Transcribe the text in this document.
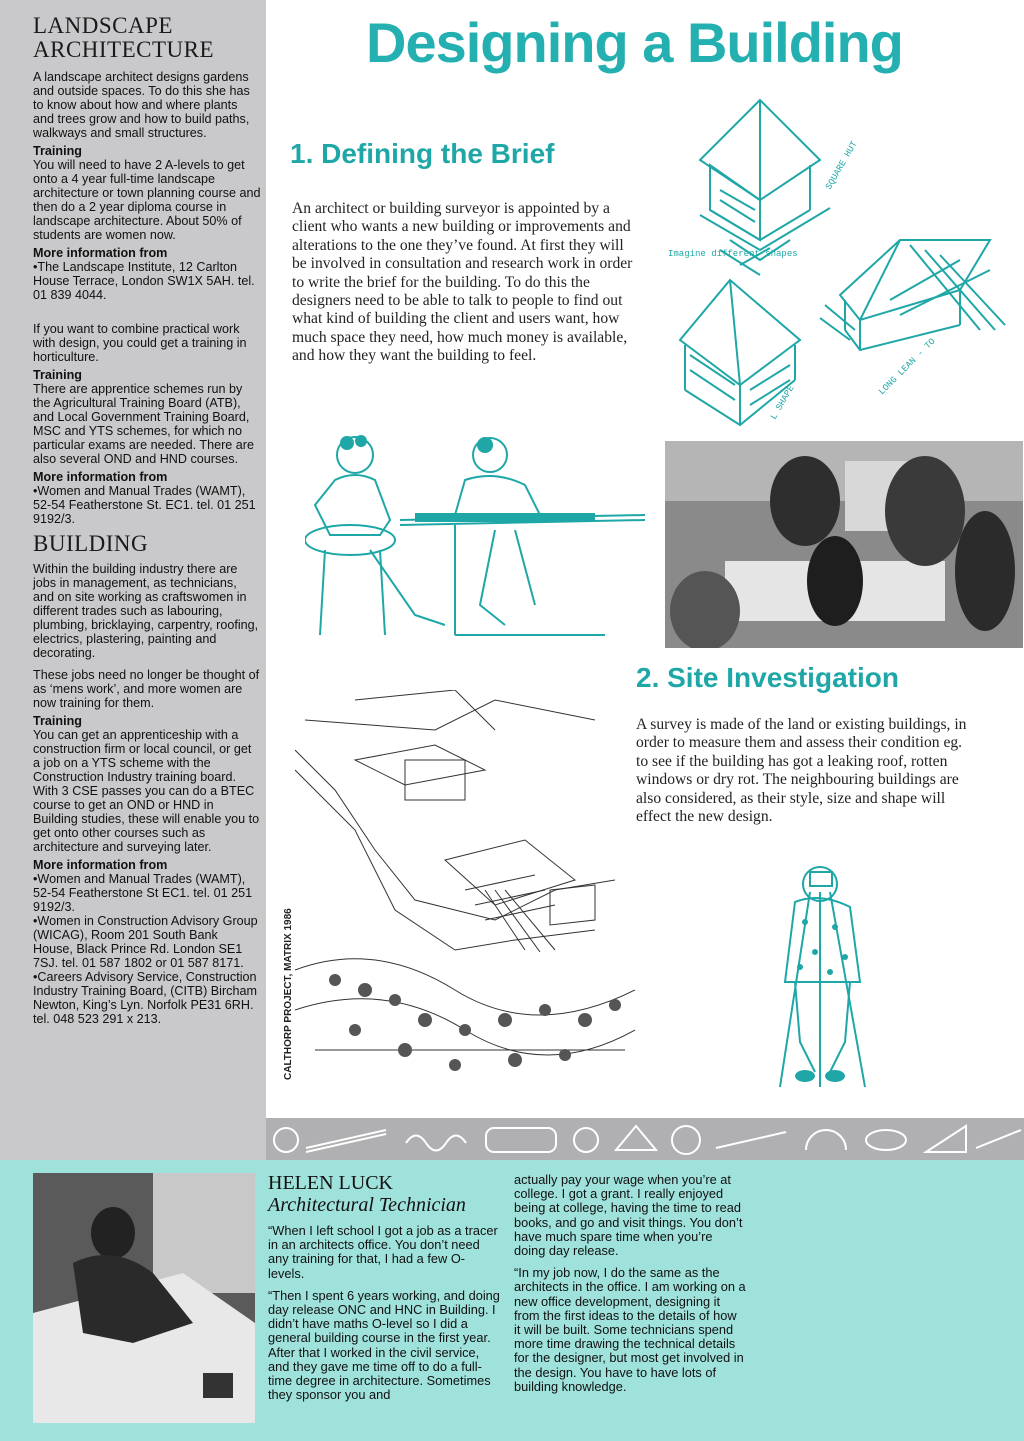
LANDSCAPE
ARCHITECTURE

A landscape architect designs gardens and outside spaces. To do this she has to know about how and where plants and trees grow and how to build paths, walkways and small structures.

Training

You will need to have 2 A-levels to get onto a 4 year full-time landscape architecture or town planning course and then do a 2 year diploma course in landscape architecture. About 50% of students are women now.

More information from

• The Landscape Institute, 12 Carlton House Terrace, London SW1X 5AH. tel. 01 839 4044.

If you want to combine practical work with design, you could get a training in horticulture.

Training

There are apprentice schemes run by the Agricultural Training Board (ATB), and Local Government Training Board, MSC and YTS schemes, for which no particular exams are needed. There are also several OND and HND courses.

More information from

• Women and Manual Trades (WAMT), 52-54 Featherstone St. EC1. tel. 01 251 9192/3.

BUILDING

Within the building industry there are jobs in management, as technicians, and on site working as craftswomen in different trades such as labouring, plumbing, bricklaying, carpentry, roofing, electrics, plastering, painting and decorating.

These jobs need no longer be thought of as ‘mens work’, and more women are now training for them.

Training

You can get an apprenticeship with a construction firm or local council, or get a job on a YTS scheme with the Construction Industry training board. With 3 CSE passes you can do a BTEC course to get an OND or HND in Building studies, these will enable you to get onto other courses such as architecture and surveying later.

More information from

• Women and Manual Trades (WAMT), 52-54 Featherstone St EC1. tel. 01 251 9192/3.

• Women in Construction Advisory Group (WICAG), Room 201 South Bank House, Black Prince Rd. London SE1 7SJ. tel. 01 587 1802 or 01 587 8171.

• Careers Advisory Service, Construction Industry Training Board, (CITB) Bircham Newton, King’s Lyn. Norfolk PE31 6RH. tel. 048 523 291 x 213.

Designing a Building
1. Defining the Brief

An architect or building surveyor is appointed by a client who wants a new building or improvements and alterations to the one they’ve found. At first they will be involved in consultation and research work in order to write the brief for the building. To do this the designers need to be able to talk to people to find out what kind of building the client and users want, how much space they need, how much money is available, and how they want the building to feel.

Imagine different shapes
SQUARE HUT
L SHAPE
LONG LEAN - TO
2. Site Investigation

A survey is made of the land or existing buildings, in order to measure them and assess their condition eg. to see if the building has got a leaking roof, rotten windows or dry rot. The neighbouring buildings are also considered, as their style, size and shape will effect the new design.

CALTHORP PROJECT, MATRIX 1986
HELEN LUCK
Architectural Technician

“When I left school I got a job as a tracer in an architects office. You don’t need any training for that, I had a few O-levels.

“Then I spent 6 years working, and doing day release ONC and HNC in Building. I didn’t have maths O-level so I did a general building course in the first year. After that I worked in the civil service, and they gave me time off to do a full-time degree in architecture. Sometimes they sponsor you and

actually pay your wage when you’re at college. I got a grant. I really enjoyed being at college, having the time to read books, and go and visit things. You don’t have much spare time when you’re doing day release.

“In my job now, I do the same as the architects in the office. I am working on a new office development, designing it from the first ideas to the details of how it will be built. Some technicians spend more time drawing the technical details for the designer, but most get involved in the design. You have to have lots of building knowledge.
